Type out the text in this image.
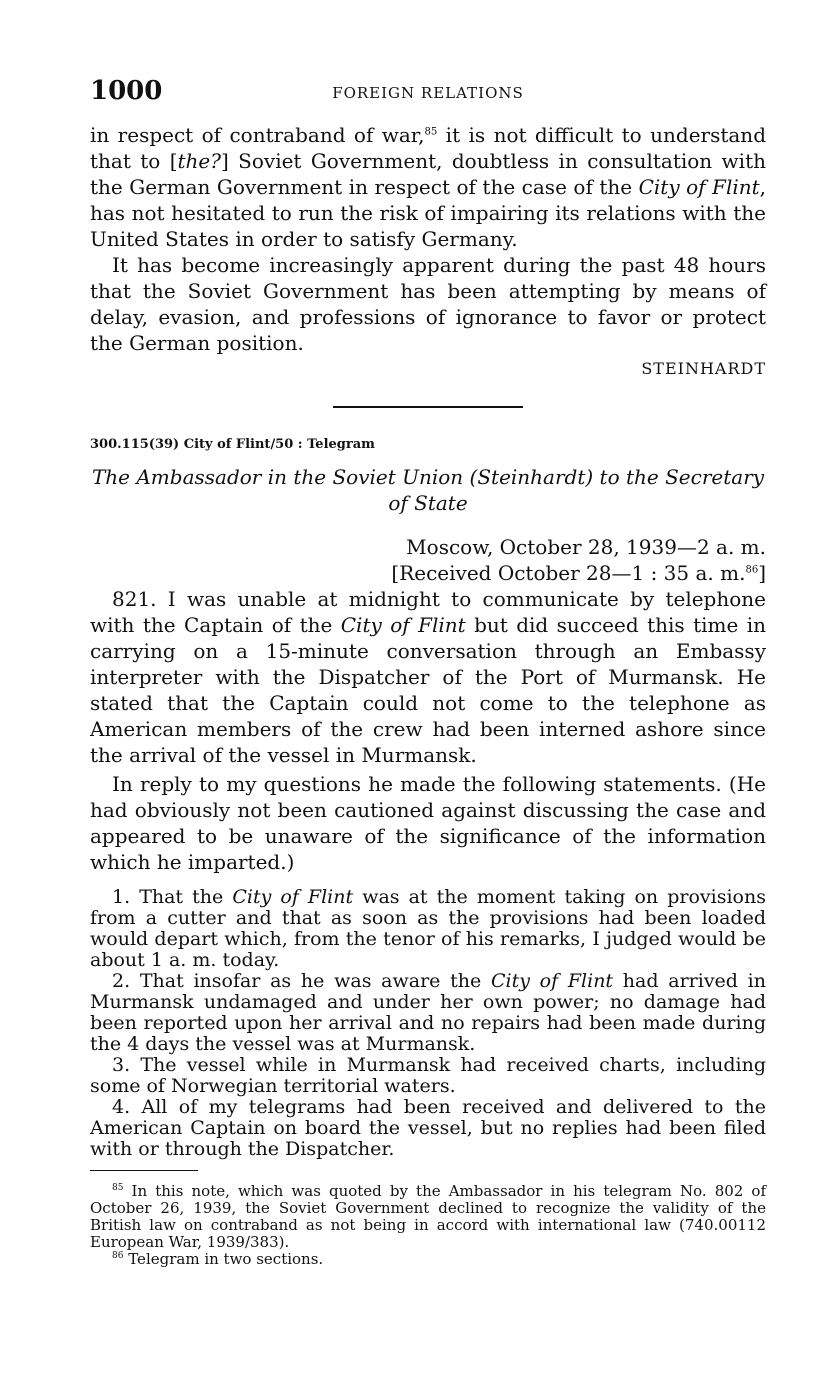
1000	FOREIGN RELATIONS

in respect of contraband of war,$^{85}$ it is not difficult to understand that to [the?] Soviet Government, doubtless in consultation with the German Government in respect of the case of the City of Flint, has not hesitated to run the risk of impairing its relations with the United States in order to satisfy Germany.

It has become increasingly apparent during the past 48 hours that the Soviet Government has been attempting by means of delay, evasion, and professions of ignorance to favor or protect the German position.

STEINHARDT

300.115(39) City of Flint/50 : Telegram
The Ambassador in the Soviet Union (Steinhardt) to the Secretary of State
Moscow, October 28, 1939—2 a. m.
[Received October 28—1 : 35 a. m.$^{86}$]

821. I was unable at midnight to communicate by telephone with the Captain of the City of Flint but did succeed this time in carrying on a 15-minute conversation through an Embassy interpreter with the Dispatcher of the Port of Murmansk. He stated that the Captain could not come to the telephone as American members of the crew had been interned ashore since the arrival of the vessel in Murmansk.

In reply to my questions he made the following statements. (He had obviously not been cautioned against discussing the case and appeared to be unaware of the significance of the information which he imparted.)

1. That the City of Flint was at the moment taking on provisions from a cutter and that as soon as the provisions had been loaded would depart which, from the tenor of his remarks, I judged would be about 1 a. m. today.

2. That insofar as he was aware the City of Flint had arrived in Murmansk undamaged and under her own power; no damage had been reported upon her arrival and no repairs had been made during the 4 days the vessel was at Murmansk.

3. The vessel while in Murmansk had received charts, including some of Norwegian territorial waters.

4. All of my telegrams had been received and delivered to the American Captain on board the vessel, but no replies had been filed with or through the Dispatcher.

$^{85}$ In this note, which was quoted by the Ambassador in his telegram No. 802 of October 26, 1939, the Soviet Government declined to recognize the validity of the British law on contraband as not being in accord with international law (740.00112 European War, 1939/383).

$^{86}$ Telegram in two sections.
